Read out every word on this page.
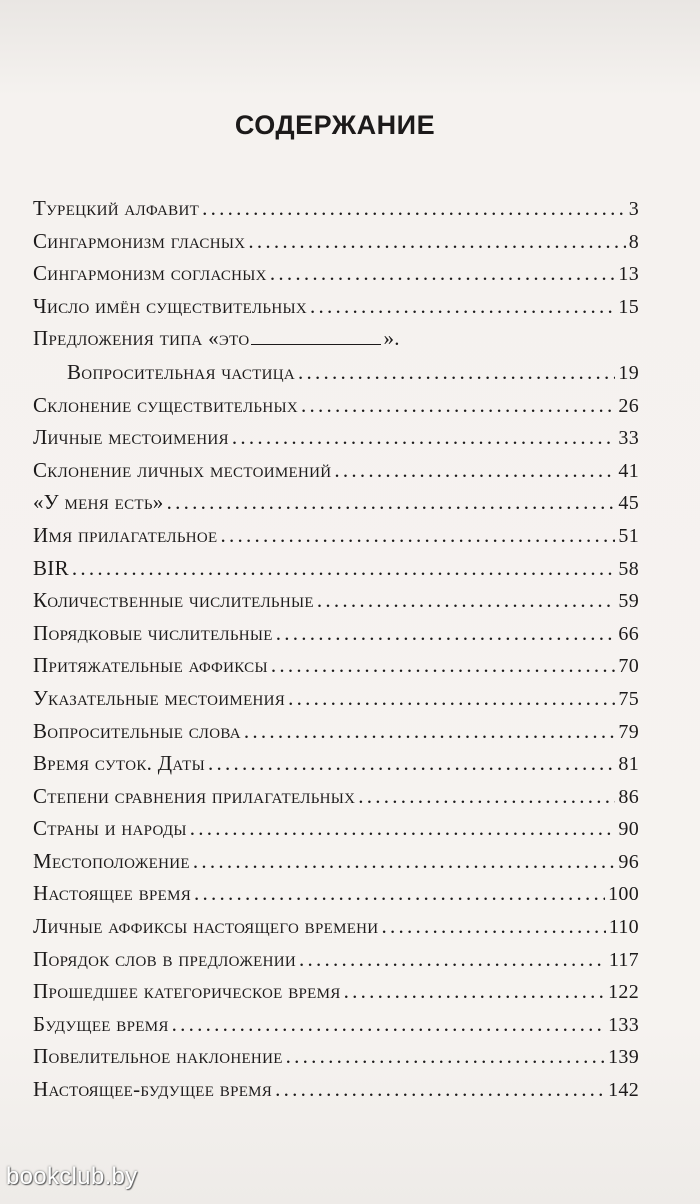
СОДЕРЖАНИЕ
Турецкий алфавит . . .	3
Сингармонизм гласных . . .	8
Сингармонизм согласных . . .	13
Число имён существительных . . .	15
Предложения типа «это	».
Вопросительная частица . . .	19
Склонение существительных . . .	26
Личные местоимения . . .	33
Склонение личных местоимений . . .	41
«У меня есть» . . .	45
Имя прилагательное . . .	51
BIR . . .	58
Количественные числительные . . .	59
Порядковые числительные . . .	66
Притяжательные аффиксы . . .	70
Указательные местоимения . . .	75
Вопросительные слова . . .	79
Время суток. Даты . . .	81
Степени сравнения прилагательных . . .	86
Страны и народы . . .	90
Местоположение . . .	96
Настоящее время . . .	100
Личные аффиксы настоящего времени . . .	110
Порядок слов в предложении . . .	117
Прошедшее категорическое время . . .	122
Будущее время . . .	133
Повелительное наклонение . . .	139
Настоящее-будущее время . . .	142
bookclub.by
